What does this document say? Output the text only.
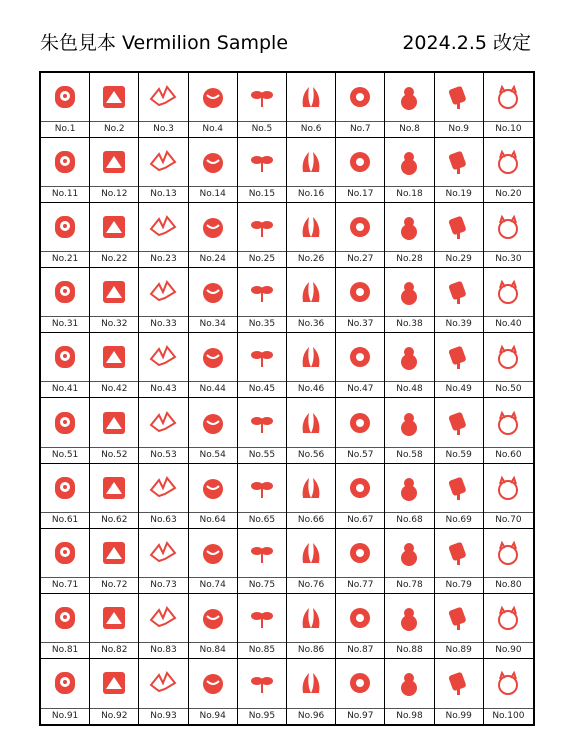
朱色見本 Vermilion Sample	2024.2.5 改定
No.1	No.2	No.3	No.4	No.5	No.6	No.7	No.8	No.9	No.10
No.11	No.12	No.13	No.14	No.15	No.16	No.17	No.18	No.19	No.20
No.21	No.22	No.23	No.24	No.25	No.26	No.27	No.28	No.29	No.30
No.31	No.32	No.33	No.34	No.35	No.36	No.37	No.38	No.39	No.40
No.41	No.42	No.43	No.44	No.45	No.46	No.47	No.48	No.49	No.50
No.51	No.52	No.53	No.54	No.55	No.56	No.57	No.58	No.59	No.60
No.61	No.62	No.63	No.64	No.65	No.66	No.67	No.68	No.69	No.70
No.71	No.72	No.73	No.74	No.75	No.76	No.77	No.78	No.79	No.80
No.81	No.82	No.83	No.84	No.85	No.86	No.87	No.88	No.89	No.90
No.91	No.92	No.93	No.94	No.95	No.96	No.97	No.98	No.99	No.100
